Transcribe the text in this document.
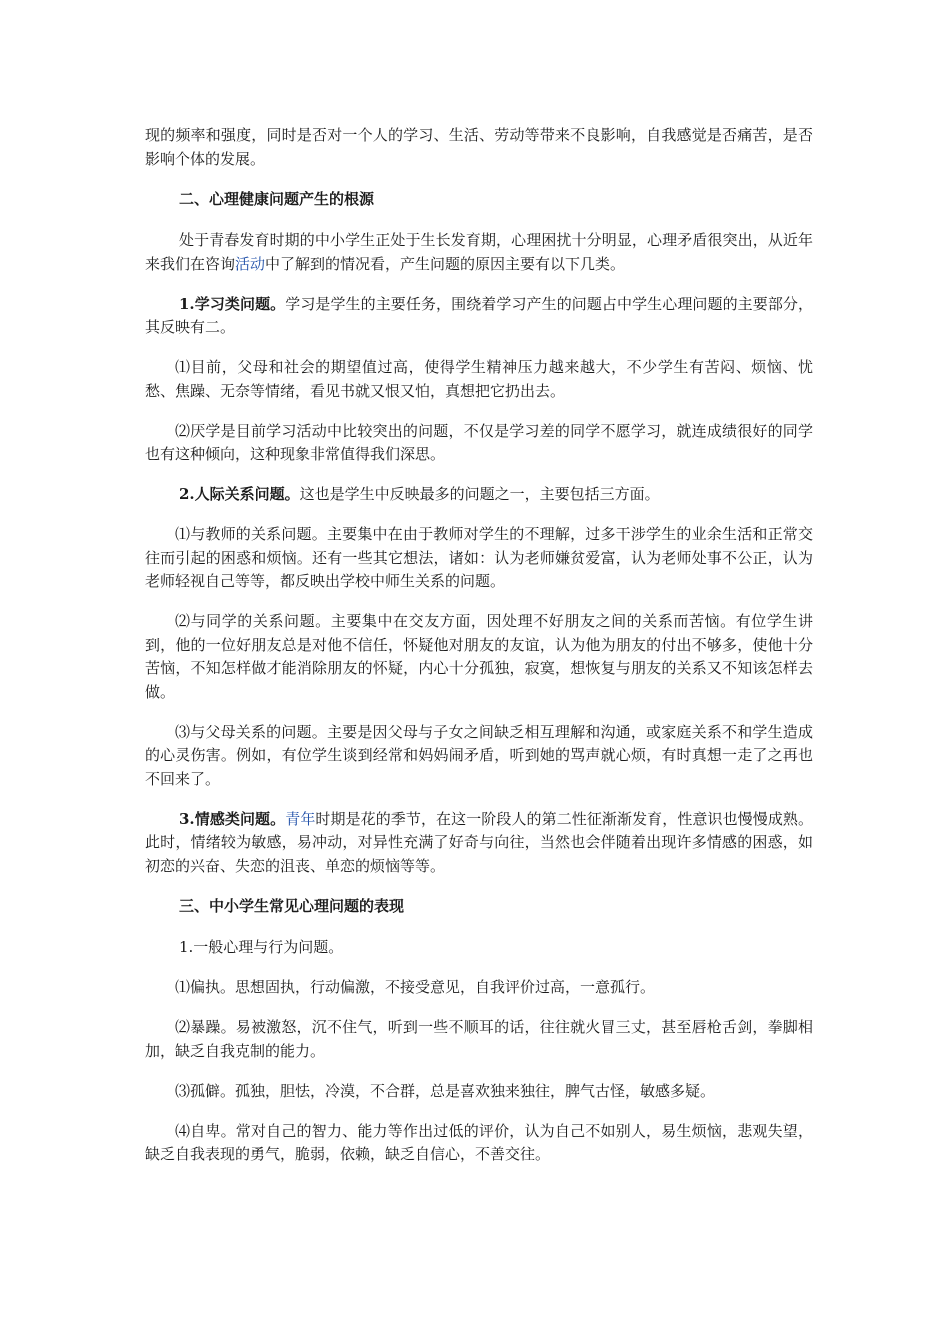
现的频率和强度，同时是否对一个人的学习、生活、劳动等带来不良影响，自我感觉是否痛苦，是否影响个体的发展。

二、心理健康问题产生的根源

处于青春发育时期的中小学生正处于生长发育期，心理困扰十分明显，心理矛盾很突出，从近年来我们在咨询活动中了解到的情况看，产生问题的原因主要有以下几类。

1.学习类问题。学习是学生的主要任务，围绕着学习产生的问题占中学生心理问题的主要部分，其反映有二。

⑴目前，父母和社会的期望值过高，使得学生精神压力越来越大，不少学生有苦闷、烦恼、忧愁、焦躁、无奈等情绪，看见书就又恨又怕，真想把它扔出去。

⑵厌学是目前学习活动中比较突出的问题，不仅是学习差的同学不愿学习，就连成绩很好的同学也有这种倾向，这种现象非常值得我们深思。

2.人际关系问题。这也是学生中反映最多的问题之一，主要包括三方面。

⑴与教师的关系问题。主要集中在由于教师对学生的不理解，过多干涉学生的业余生活和正常交往而引起的困惑和烦恼。还有一些其它想法，诸如：认为老师嫌贫爱富，认为老师处事不公正，认为老师轻视自己等等，都反映出学校中师生关系的问题。

⑵与同学的关系问题。主要集中在交友方面，因处理不好朋友之间的关系而苦恼。有位学生讲到，他的一位好朋友总是对他不信任，怀疑他对朋友的友谊，认为他为朋友的付出不够多，使他十分苦恼，不知怎样做才能消除朋友的怀疑，内心十分孤独，寂寞，想恢复与朋友的关系又不知该怎样去做。

⑶与父母关系的问题。主要是因父母与子女之间缺乏相互理解和沟通，或家庭关系不和学生造成的心灵伤害。例如，有位学生谈到经常和妈妈闹矛盾，听到她的骂声就心烦，有时真想一走了之再也不回来了。

3.情感类问题。青年时期是花的季节，在这一阶段人的第二性征渐渐发育，性意识也慢慢成熟。此时，情绪较为敏感，易冲动，对异性充满了好奇与向往，当然也会伴随着出现许多情感的困惑，如初恋的兴奋、失恋的沮丧、单恋的烦恼等等。

三、中小学生常见心理问题的表现

1.一般心理与行为问题。

⑴偏执。思想固执，行动偏激，不接受意见，自我评价过高，一意孤行。

⑵暴躁。易被激怒，沉不住气，听到一些不顺耳的话，往往就火冒三丈，甚至唇枪舌剑，拳脚相加，缺乏自我克制的能力。

⑶孤僻。孤独，胆怯，冷漠，不合群，总是喜欢独来独往，脾气古怪，敏感多疑。

⑷自卑。常对自己的智力、能力等作出过低的评价，认为自己不如别人，易生烦恼，悲观失望，缺乏自我表现的勇气，脆弱，依赖，缺乏自信心，不善交往。
